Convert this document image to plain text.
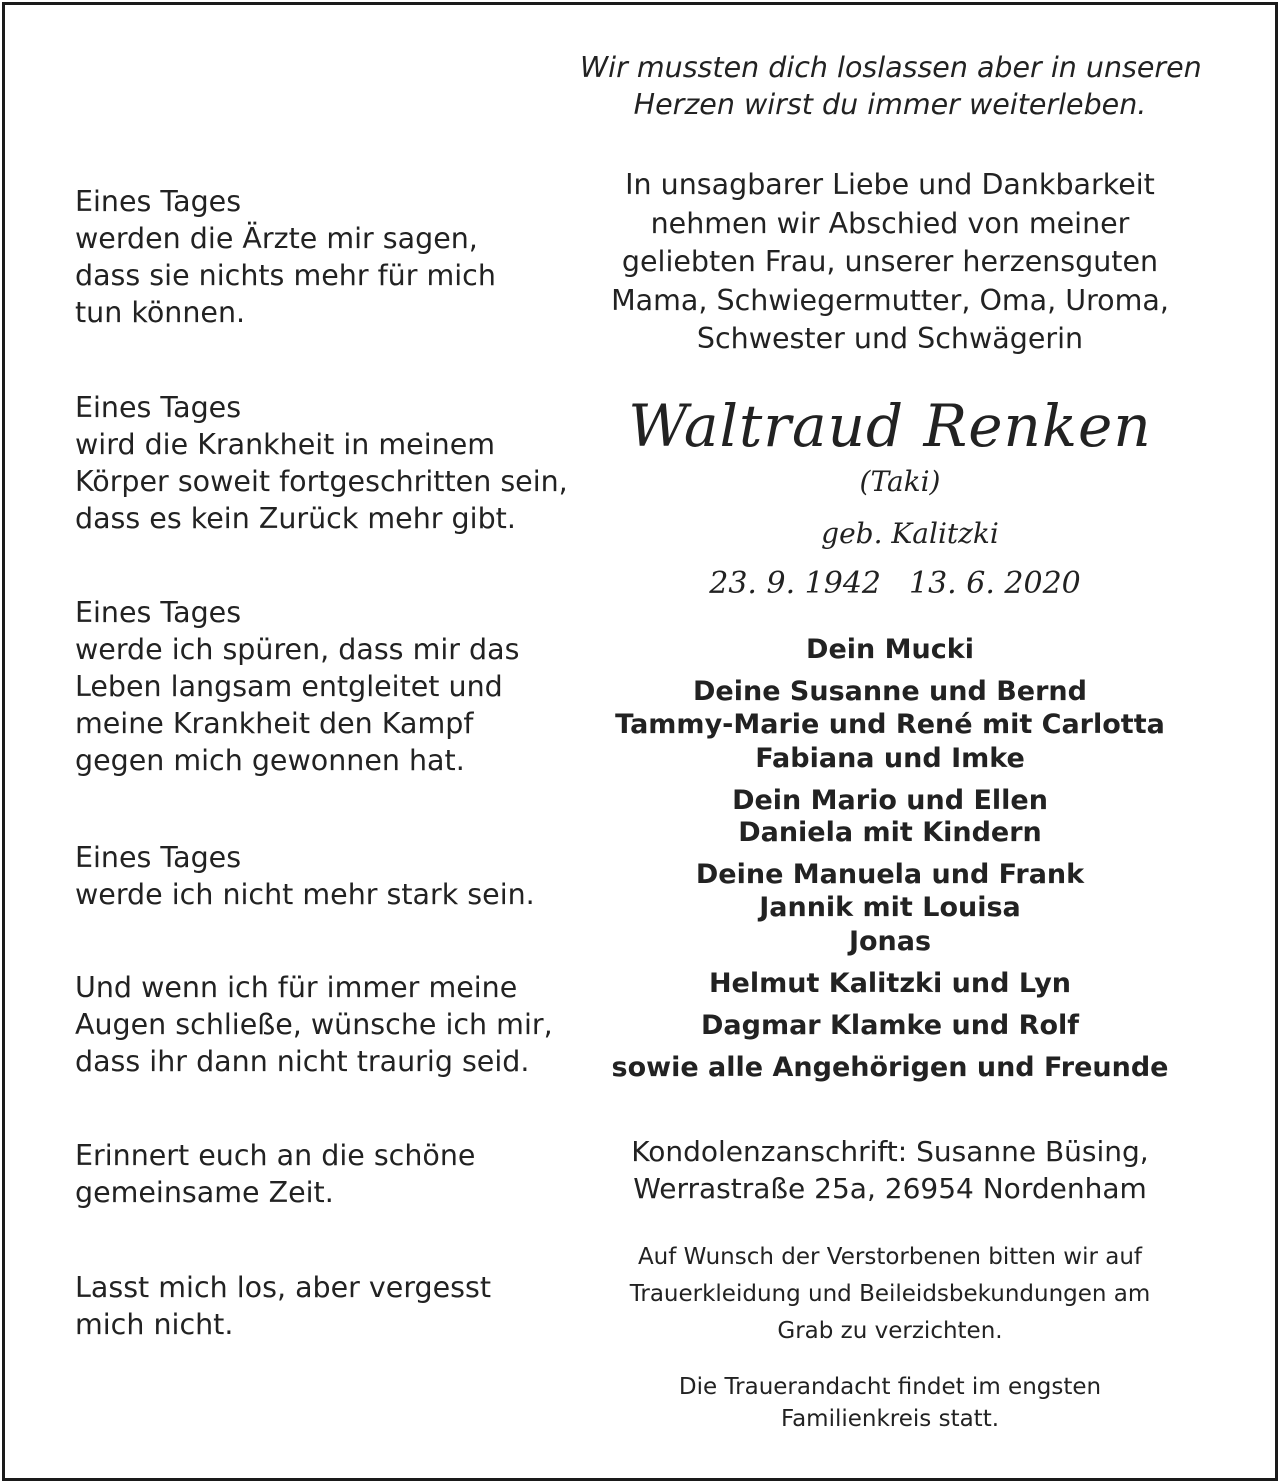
Eines Tages
werden die Ärzte mir sagen,
dass sie nichts mehr für mich
tun können.
Eines Tages
wird die Krankheit in meinem
Körper soweit fortgeschritten sein,
dass es kein Zurück mehr gibt.
Eines Tages
werde ich spüren, dass mir das
Leben langsam entgleitet und
meine Krankheit den Kampf
gegen mich gewonnen hat.
Eines Tages
werde ich nicht mehr stark sein.
Und wenn ich für immer meine
Augen schließe, wünsche ich mir,
dass ihr dann nicht traurig seid.
Erinnert euch an die schöne
gemeinsame Zeit.
Lasst mich los, aber vergesst
mich nicht.
Wir mussten dich loslassen aber in unseren
Herzen wirst du immer weiterleben.
In unsagbarer Liebe und Dankbarkeit
nehmen wir Abschied von meiner
geliebten Frau, unserer herzensguten
Mama, Schwiegermutter, Oma, Uroma,
Schwester und Schwägerin
Waltraud Renken
(Taki)
geb. Kalitzki
23. 9. 1942 13. 6. 2020
Dein Mucki
Deine Susanne und Bernd
Tammy-Marie und René mit Carlotta
Fabiana und Imke
Dein Mario und Ellen
Daniela mit Kindern
Deine Manuela und Frank
Jannik mit Louisa
Jonas
Helmut Kalitzki und Lyn
Dagmar Klamke und Rolf
sowie alle Angehörigen und Freunde
Kondolenzanschrift: Susanne Büsing,
Werrastraße 25a, 26954 Nordenham
Auf Wunsch der Verstorbenen bitten wir auf
Trauerkleidung und Beileidsbekundungen am
Grab zu verzichten.
Die Trauerandacht findet im engsten
Familienkreis statt.
